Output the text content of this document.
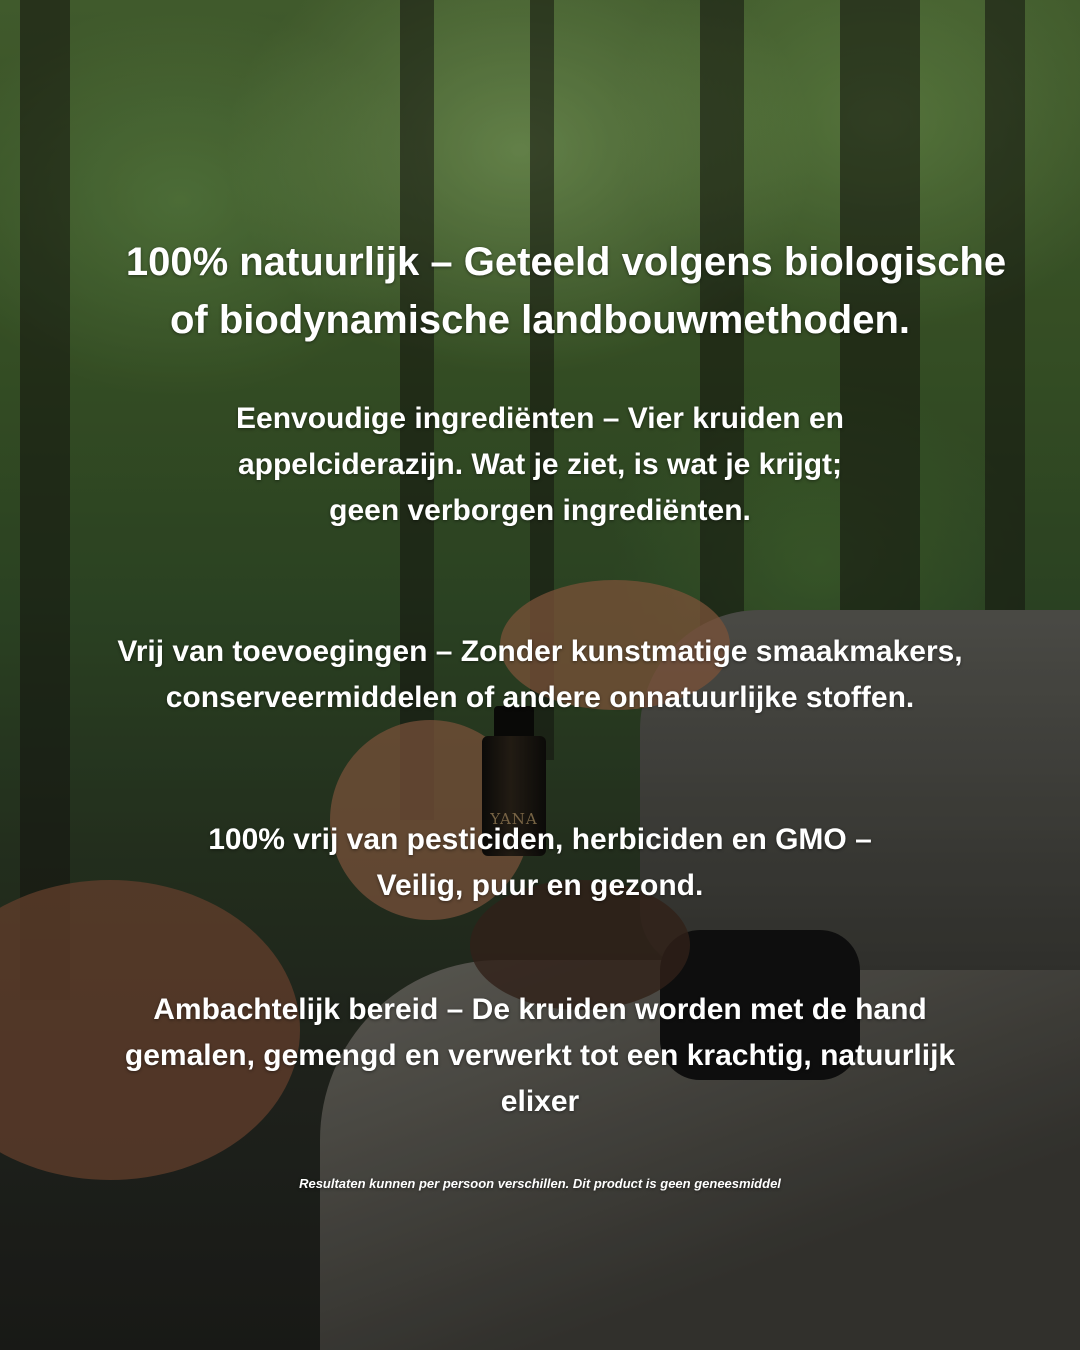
YANA

100% natuurlijk – Geteeld volgens biologische
of biodynamische landbouwmethoden.

Eenvoudige ingrediënten – Vier kruiden en
appelciderazijn. Wat je ziet, is wat je krijgt;
geen verborgen ingrediënten.

Vrij van toevoegingen – Zonder kunstmatige smaakmakers,
conserveermiddelen of andere onnatuurlijke stoffen.

100% vrij van pesticiden, herbiciden en GMO –
Veilig, puur en gezond.

Ambachtelijk bereid – De kruiden worden met de hand
gemalen, gemengd en verwerkt tot een krachtig, natuurlijk
elixer

Resultaten kunnen per persoon verschillen. Dit product is geen geneesmiddel
